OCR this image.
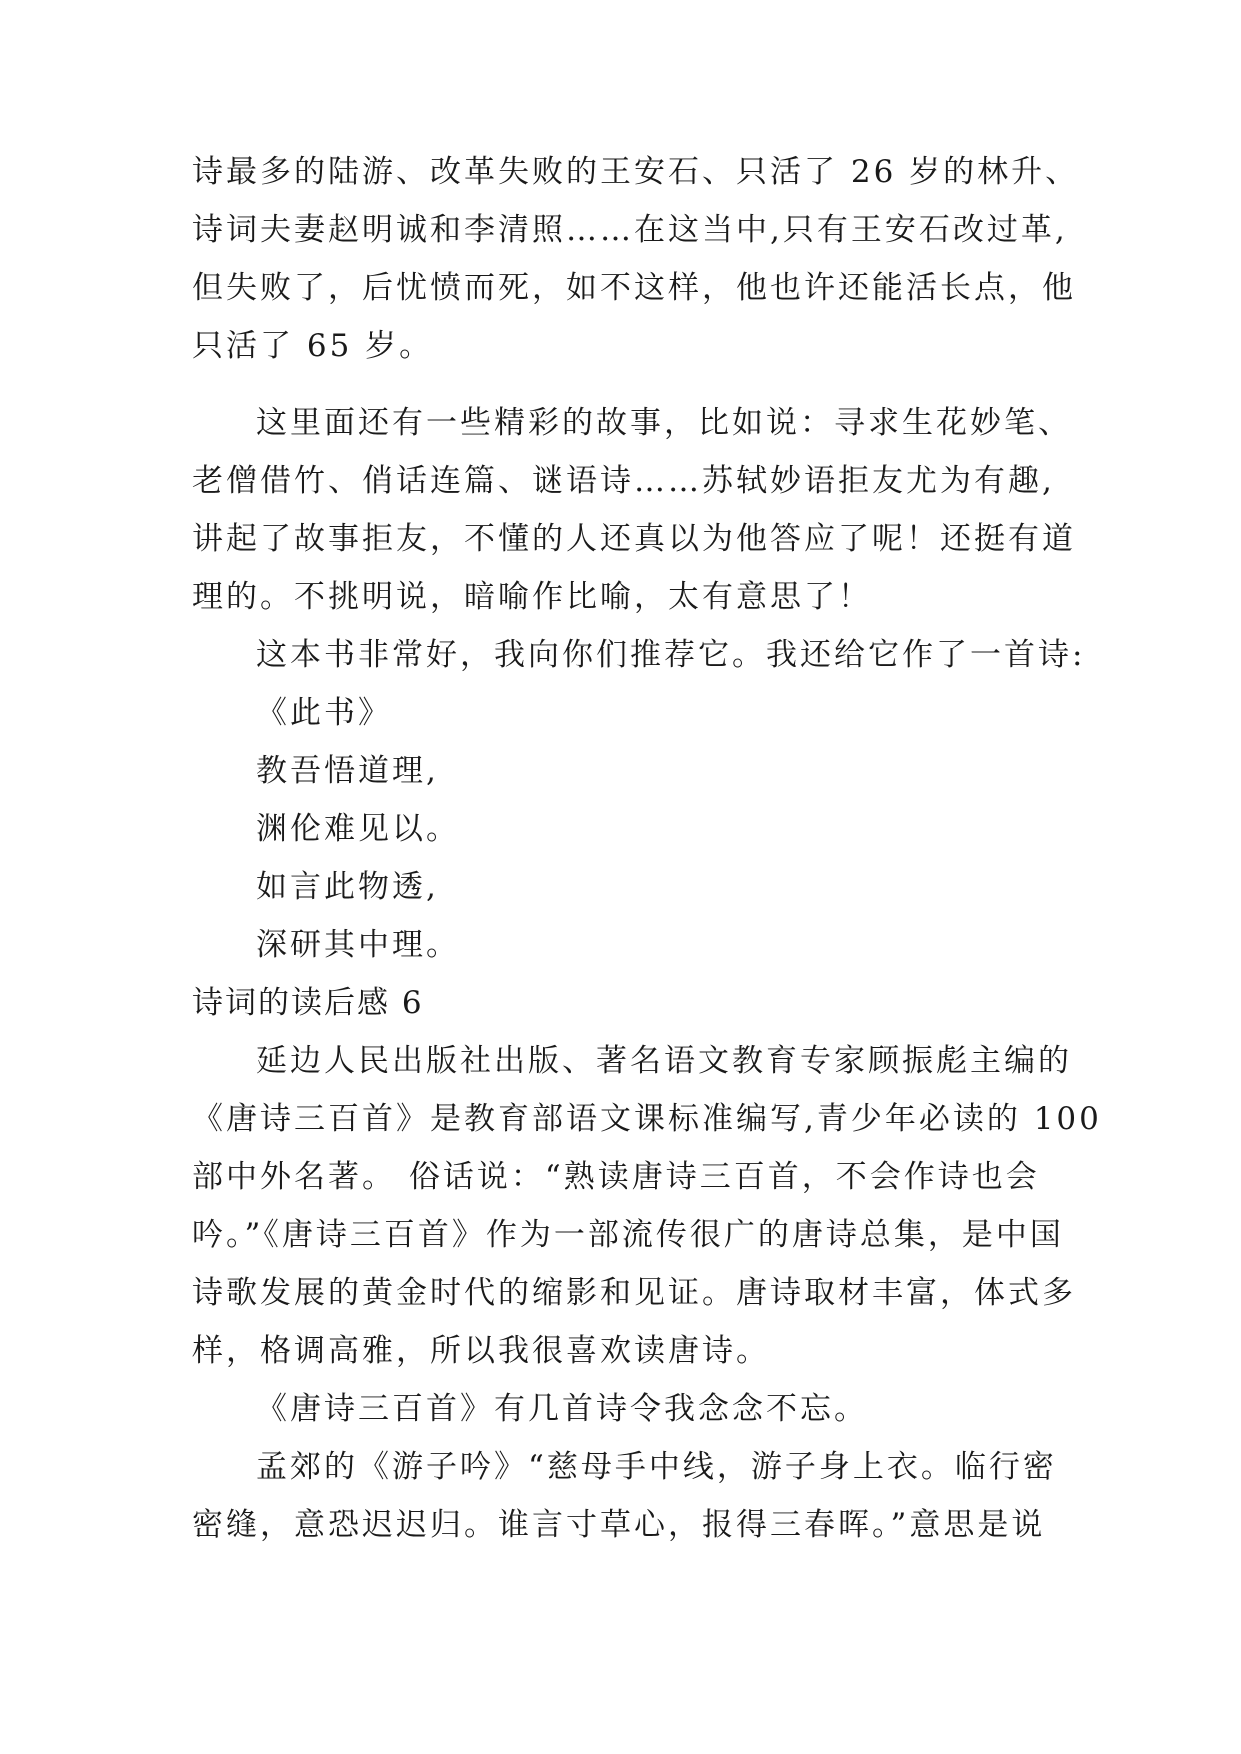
诗最多的陆游、改革失败的王安石、只活了 26 岁的林升、
诗词夫妻赵明诚和李清照……在这当中,只有王安石改过革,
但失败了，后忧愤而死，如不这样，他也许还能活长点，他
只活了 65 岁。
这里面还有一些精彩的故事，比如说：寻求生花妙笔、
老僧借竹、俏话连篇、谜语诗……苏轼妙语拒友尤为有趣,
讲起了故事拒友，不懂的人还真以为他答应了呢！还挺有道
理的。不挑明说，暗喻作比喻，太有意思了！
这本书非常好，我向你们推荐它。我还给它作了一首诗:
《此书》
教吾悟道理,
渊伦难见以。
如言此物透,
深研其中理。
诗词的读后感 6
延边人民出版社出版、著名语文教育专家顾振彪主编的
《唐诗三百首》是教育部语文课标准编写,青少年必读的 100
部中外名著。 俗话说：“熟读唐诗三百首，不会作诗也会
吟。”《唐诗三百首》作为一部流传很广的唐诗总集，是中国
诗歌发展的黄金时代的缩影和见证。唐诗取材丰富，体式多
样，格调高雅，所以我很喜欢读唐诗。
《唐诗三百首》有几首诗令我念念不忘。
孟郊的《游子吟》“慈母手中线，游子身上衣。临行密
密缝，意恐迟迟归。谁言寸草心，报得三春晖。”意思是说
